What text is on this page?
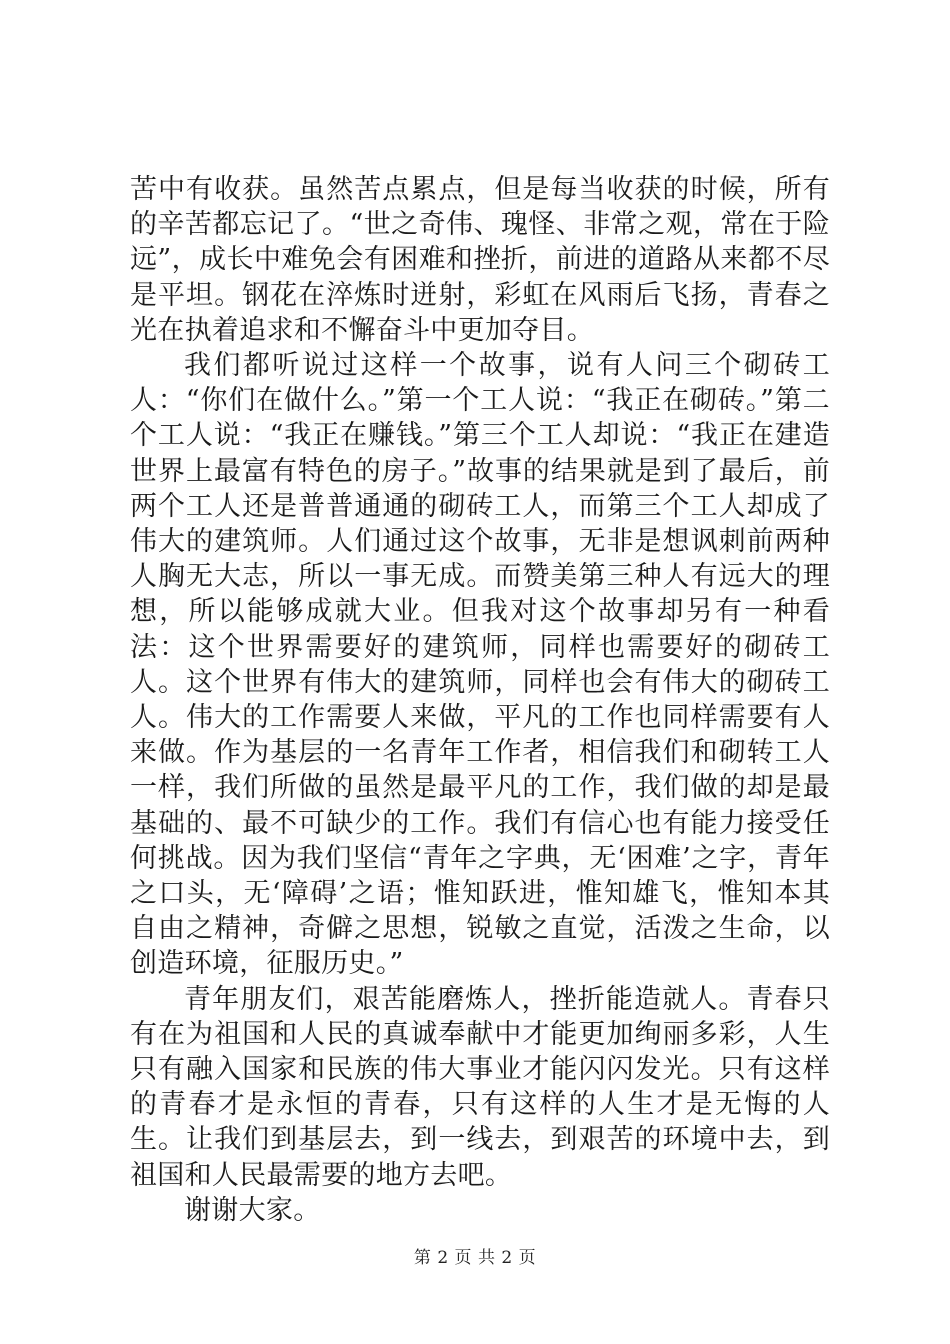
苦中有收获。虽然苦点累点，但是每当收获的时候，所有的辛苦都忘记了。“世之奇伟、瑰怪、非常之观，常在于险远”，成长中难免会有困难和挫折，前进的道路从来都不尽是平坦。钢花在淬炼时迸射，彩虹在风雨后飞扬，青春之光在执着追求和不懈奋斗中更加夺目。

我们都听说过这样一个故事，说有人问三个砌砖工人：“你们在做什么。”第一个工人说：“我正在砌砖。”第二个工人说：“我正在赚钱。”第三个工人却说：“我正在建造世界上最富有特色的房子。”故事的结果就是到了最后，前两个工人还是普普通通的砌砖工人，而第三个工人却成了伟大的建筑师。人们通过这个故事，无非是想讽刺前两种人胸无大志，所以一事无成。而赞美第三种人有远大的理想，所以能够成就大业。但我对这个故事却另有一种看法：这个世界需要好的建筑师，同样也需要好的砌砖工人。这个世界有伟大的建筑师，同样也会有伟大的砌砖工人。伟大的工作需要人来做，平凡的工作也同样需要有人来做。作为基层的一名青年工作者，相信我们和砌转工人一样，我们所做的虽然是最平凡的工作，我们做的却是最基础的、最不可缺少的工作。我们有信心也有能力接受任何挑战。因为我们坚信“青年之字典，无‘困难’之字，青年之口头，无‘障碍’之语；惟知跃进，惟知雄飞，惟知本其自由之精神，奇僻之思想，锐敏之直觉，活泼之生命，以创造环境，征服历史。”

青年朋友们，艰苦能磨炼人，挫折能造就人。青春只有在为祖国和人民的真诚奉献中才能更加绚丽多彩，人生只有融入国家和民族的伟大事业才能闪闪发光。只有这样的青春才是永恒的青春，只有这样的人生才是无悔的人生。让我们到基层去，到一线去，到艰苦的环境中去，到祖国和人民最需要的地方去吧。

谢谢大家。

第 2 页 共 2 页
